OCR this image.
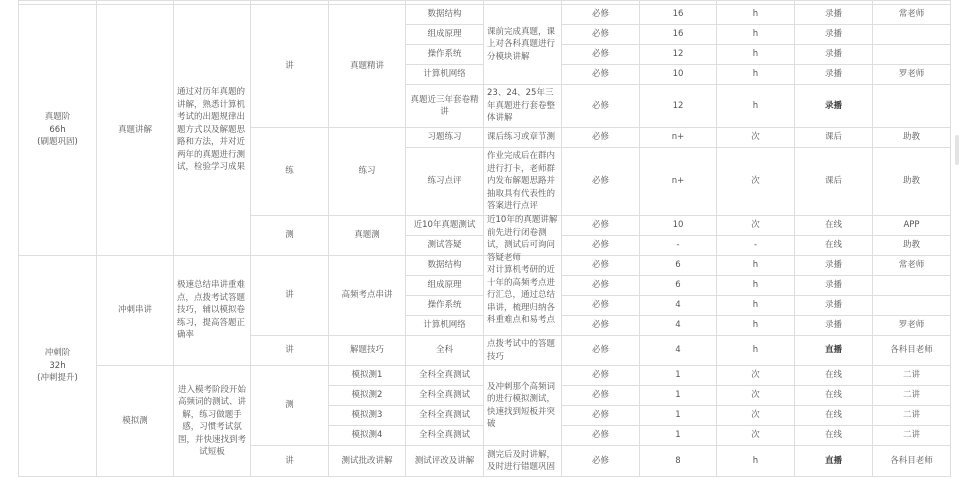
真题阶
66h
(刷题巩固)	真题讲解	通过对历年真题的讲解，熟悉计算机考试的出题规律出题方式以及解题思路和方法，并对近两年的真题进行测试，检验学习成果	讲	真题精讲	数据结构	课前完成真题，课上对各科真题进行分模块讲解	必修	16	h	录播	常老师
					组成原理		必修	16	h	录播	
					操作系统		必修	12	h	录播	
					计算机网络		必修	10	h	录播	罗老师
					真题近三年套卷精讲	23、24、25年三年真题进行套卷整体讲解	必修	12	h	录播	
			练	练习	习题练习	课后练习或章节测	必修	n+	次	课后	助教
					练习点评	作业完成后在群内进行打卡，老师群内发布解题思路并抽取具有代表性的答案进行点评	必修	n+	次	课后	助教
			测	真题测	近10年真题测试	近10年的真题讲解前先进行闭卷测试，测试后可询问答疑老师	必修	10	次	在线	APP
					测试答疑		必修	-	-	在线	助教
冲刺阶
32h
(冲刺提升)	冲刺串讲	极速总结串讲重难点，点拨考试答题技巧，辅以模拟卷练习，提高答题正确率	讲	高频考点串讲	数据结构	对计算机考研的近十年的高频考点进行汇总，通过总结串讲，梳理归纳各科重难点和易考点	必修	6	h	录播	常老师
					组成原理		必修	6	h	录播	
					操作系统		必修	4	h	录播	
					计算机网络		必修	4	h	录播	罗老师
			讲	解题技巧	全科	点拨考试中的答题技巧	必修	4	h	直播	各科目老师
	模拟测	进入模考阶段开始高频词的测试、讲解，练习做题手感，习惯考试氛围，并快速找到考试短板	测	模拟测1	全科全真测试	及冲刺那个高频词的进行模拟测试，快速找到短板并突破	必修	1	次	在线	二讲
				模拟测2	全科全真测试		必修	1	次	在线	二讲
				模拟测3	全科全真测试		必修	1	次	在线	二讲
				模拟测4	全科全真测试		必修	1	次	在线	二讲
			讲	测试批改讲解	测试评改及讲解	测完后及时讲解，及时进行错题巩固	必修	8	h	直播	各科目老师
